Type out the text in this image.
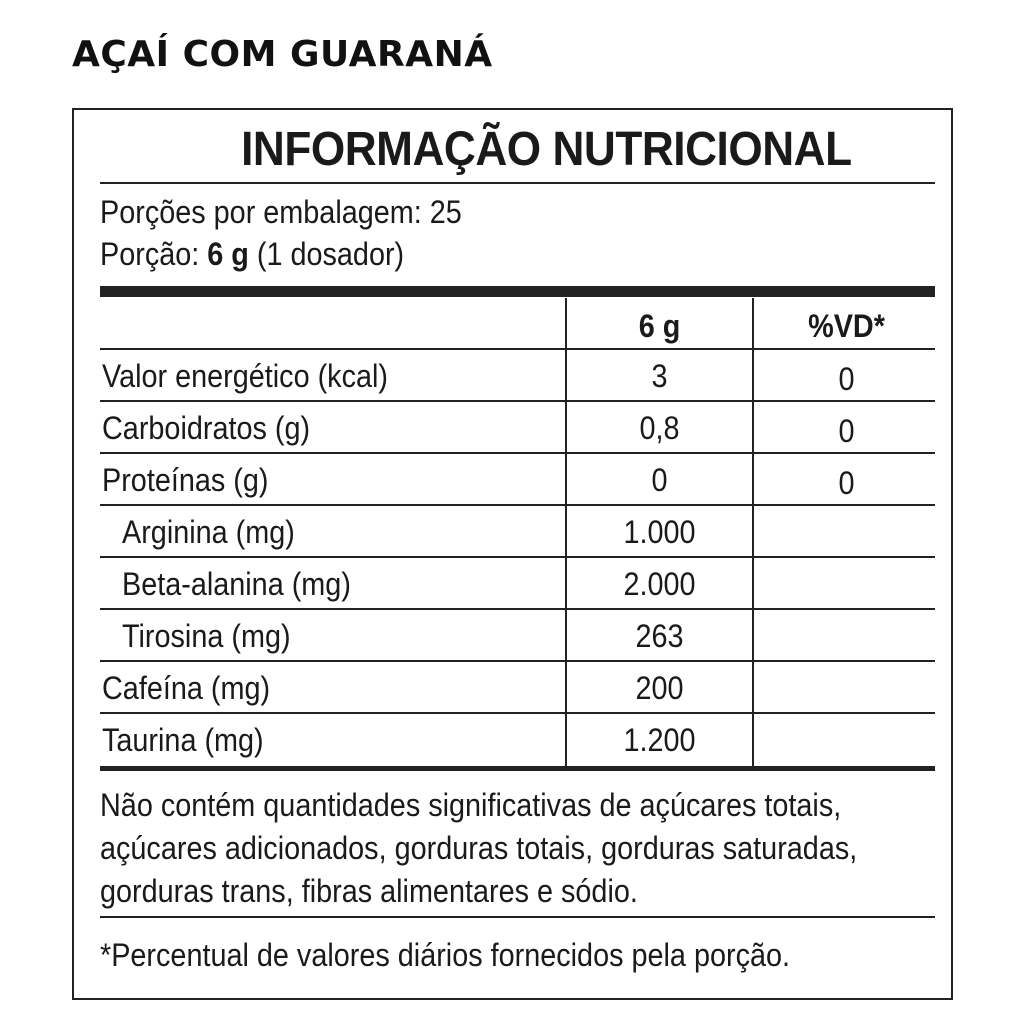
AÇAÍ COM GUARANÁ
INFORMAÇÃO NUTRICIONAL
Porções por embalagem: 25
Porção: 6 g (1 dosador)
6 g	%VD*
Valor energético (kcal)	3	0
Carboidratos (g)	0,8	0
Proteínas (g)	0	0
Arginina (mg)	1.000
Beta-alanina (mg)	2.000
Tirosina (mg)	263
Cafeína (mg)	200
Taurina (mg)	1.200
Não contém quantidades significativas de açúcares totais,
açúcares adicionados, gorduras totais, gorduras saturadas,
gorduras trans, fibras alimentares e sódio.
*Percentual de valores diários fornecidos pela porção.
